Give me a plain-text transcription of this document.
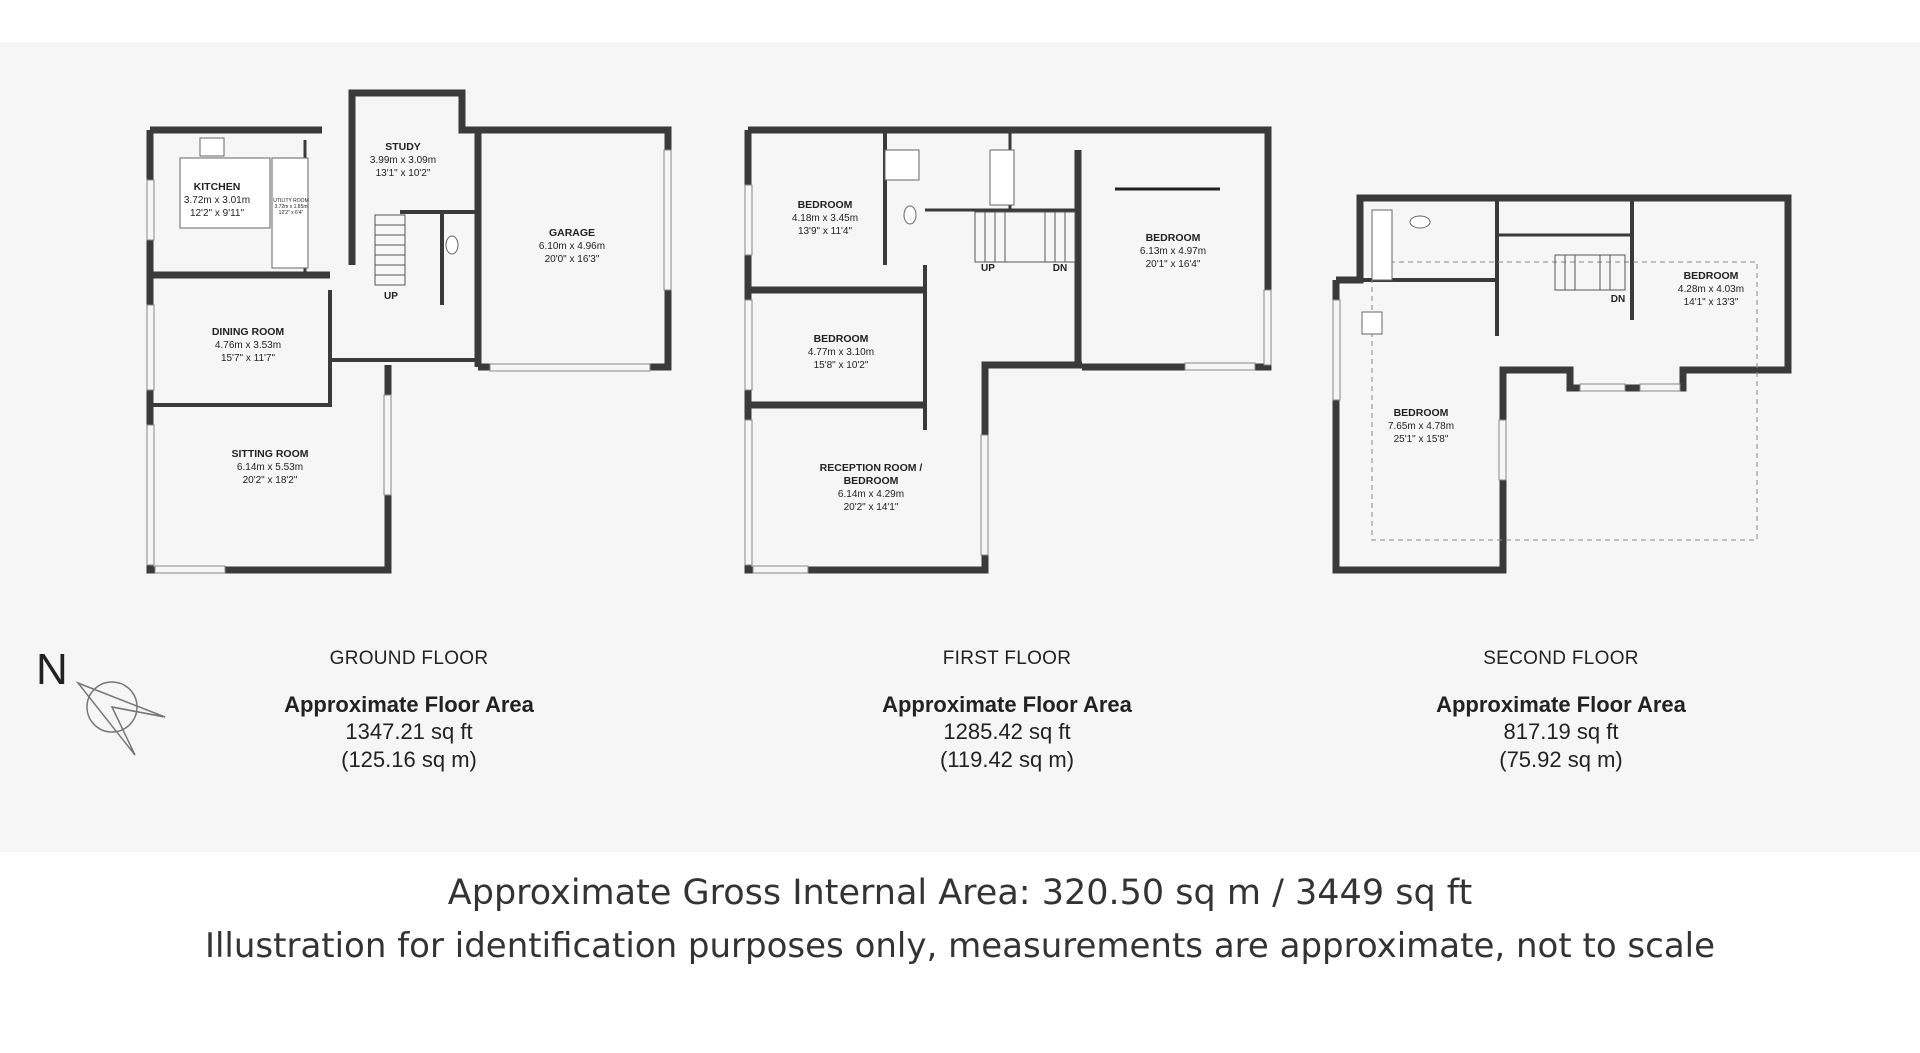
KITCHEN
3.72m x 3.01m
12'2" x 9'11"
UTILITY ROOM
3.72m x 1.85m
12'2" x 6'4"
STUDY
3.99m x 3.09m
13'1" x 10'2"
GARAGE
6.10m x 4.96m
20'0" x 16'3"
DINING ROOM
4.76m x 3.53m
15'7" x 11'7"
SITTING ROOM
6.14m x 5.53m
20'2" x 18'2"
UP
BEDROOM
4.18m x 3.45m
13'9" x 11'4"
BEDROOM
6.13m x 4.97m
20'1" x 16'4"
BEDROOM
4.77m x 3.10m
15'8" x 10'2"
RECEPTION ROOM /
BEDROOM
6.14m x 4.29m
20'2" x 14'1"
UP	DN
BEDROOM
4.28m x 4.03m
14'1" x 13'3"
BEDROOM
7.65m x 4.78m
25'1" x 15'8"
DN
N	GROUND FLOOR
Approximate Floor Area
1347.21 sq ft
(125.16 sq m)
FIRST FLOOR
Approximate Floor Area
1285.42 sq ft
(119.42 sq m)
SECOND FLOOR
Approximate Floor Area
817.19 sq ft
(75.92 sq m)
Approximate Gross Internal Area: 320.50 sq m / 3449 sq ft
Illustration for identification purposes only, measurements are approximate, not to scale
